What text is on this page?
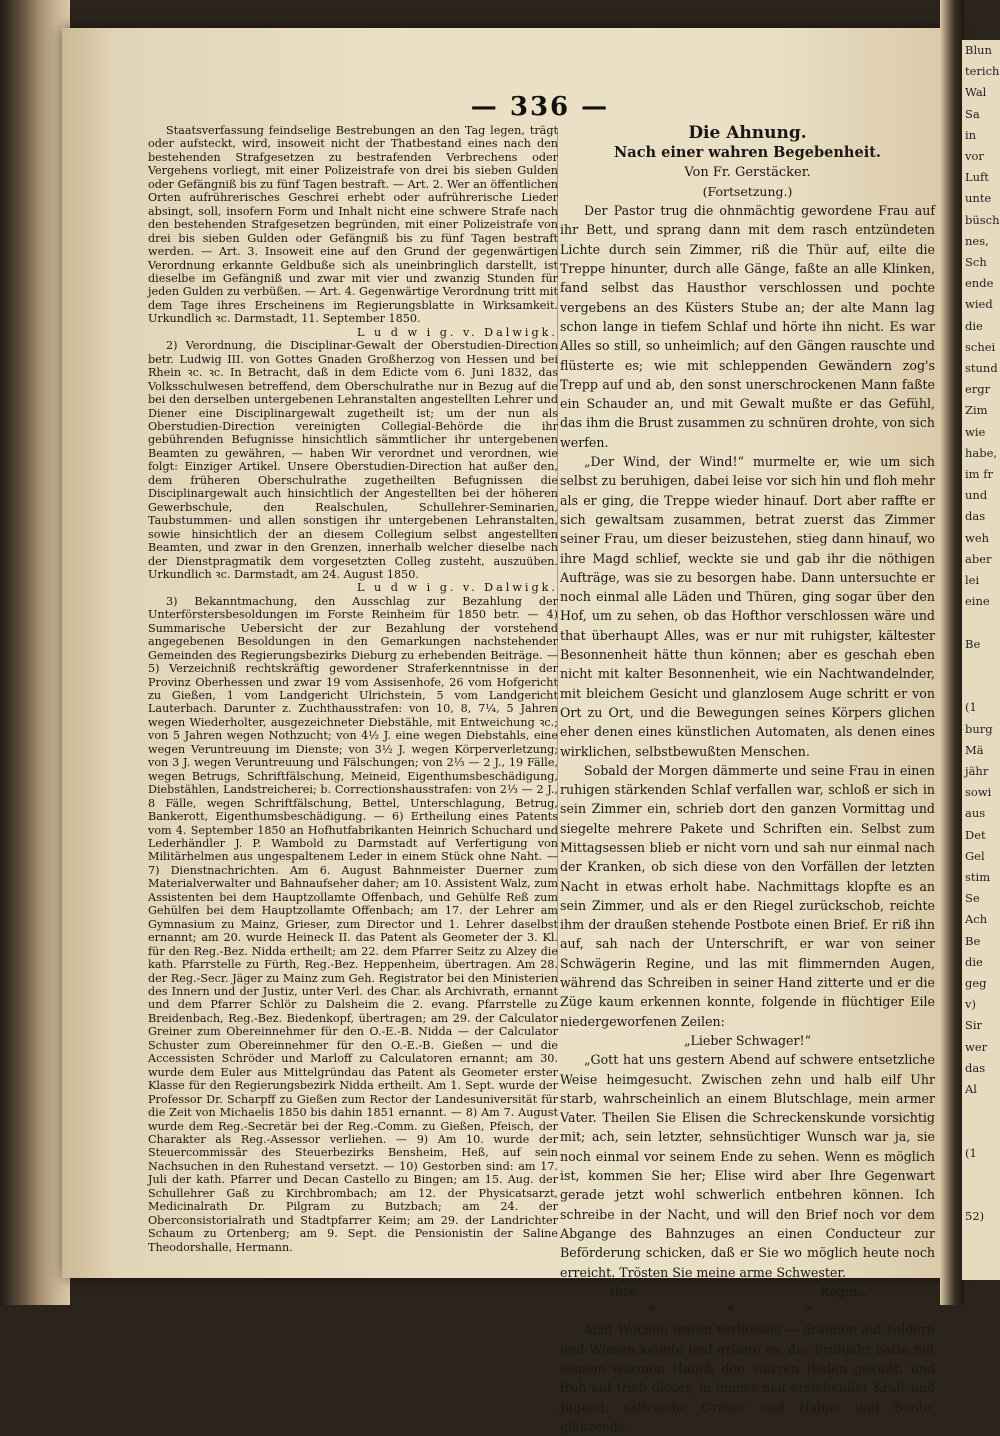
Blun
terich
Wal
Sa
in
vor
Luft
unte
büsch
nes,
Sch
ende
wied
die
schei
stund
ergr
Zim
wie
habe,
im fr
und
das
weh
aber
lei
eine

Be

(1
burg
Mä
jähr
sowi
aus
Det
Gel
stim
Se
Ach
Be
die
geg
v)
Sir
wer
das
Al

(1

52)
— 336 —

Staatsverfassung feindselige Bestrebungen an den Tag legen, trägt oder aufsteckt, wird, insoweit nicht der Thatbestand eines nach den bestehenden Strafgesetzen zu bestrafenden Verbrechens oder Vergehens vorliegt, mit einer Polizeistrafe von drei bis sieben Gulden oder Gefängniß bis zu fünf Tagen bestraft. — Art. 2. Wer an öffentlichen Orten aufrührerisches Geschrei erhebt oder aufrührerische Lieder absingt, soll, insofern Form und Inhalt nicht eine schwere Strafe nach den bestehenden Strafgesetzen begründen, mit einer Polizeistrafe von drei bis sieben Gulden oder Gefängniß bis zu fünf Tagen bestraft werden. — Art. 3. Insoweit eine auf den Grund der gegenwärtigen Verordnung erkannte Geldbuße sich als uneinbringlich darstellt, ist dieselbe im Gefängniß und zwar mit vier und zwanzig Stunden für jeden Gulden zu verbüßen. — Art. 4. Gegenwärtige Verordnung tritt mit dem Tage ihres Erscheinens im Regierungsblatte in Wirksamkeit. Urkundlich ꝛc. Darmstadt, 11. September 1850.

L u d w i g. v. Dalwigk.

2) Verordnung, die Disciplinar-Gewalt der Oberstudien-Direction betr. Ludwig III. von Gottes Gnaden Großherzog von Hessen und bei Rhein ꝛc. ꝛc. In Betracht, daß in dem Edicte vom 6. Juni 1832, das Volksschulwesen betreffend, dem Oberschulrathe nur in Bezug auf die bei den derselben untergebenen Lehranstalten angestellten Lehrer und Diener eine Disciplinargewalt zugetheilt ist; um der nun als Oberstudien-Direction vereinigten Collegial-Behörde die ihr gebührenden Befugnisse hinsichtlich sämmtlicher ihr untergebenen Beamten zu gewähren, — haben Wir verordnet und verordnen, wie folgt: Einziger Artikel. Unsere Oberstudien-Direction hat außer den, dem früheren Oberschulrathe zugetheilten Befugnissen die Disciplinargewalt auch hinsichtlich der Angestellten bei der höheren Gewerbschule, den Realschulen, Schullehrer-Seminarien, Taubstummen- und allen sonstigen ihr untergebenen Lehranstalten, sowie hinsichtlich der an diesem Collegium selbst angestellten Beamten, und zwar in den Grenzen, innerhalb welcher dieselbe nach der Dienstpragmatik dem vorgesetzten Colleg zusteht, auszuüben. Urkundlich ꝛc. Darmstadt, am 24. August 1850.

L u d w i g. v. Dalwigk.

3) Bekanntmachung, den Ausschlag zur Bezahlung der Unterförstersbesoldungen im Forste Reinheim für 1850 betr. — 4) Summarische Uebersicht der zur Bezahlung der vorstehend angegebenen Besoldungen in den Gemarkungen nachstehender Gemeinden des Regierungsbezirks Dieburg zu erhebenden Beiträge. — 5) Verzeichniß rechtskräftig gewordener Straferkenntnisse in der Provinz Oberhessen und zwar 19 vom Assisenhofe, 26 vom Hofgericht zu Gießen, 1 vom Landgericht Ulrichstein, 5 vom Landgericht Lauterbach. Darunter z. Zuchthausstrafen: von 10, 8, 7¼, 5 Jahren wegen Wiederholter, ausgezeichneter Diebstähle, mit Entweichung ꝛc.; von 5 Jahren wegen Nothzucht; von 4½ J. eine wegen Diebstahls, eine wegen Veruntreuung im Dienste; von 3½ J. wegen Körperverletzung; von 3 J. wegen Veruntreuung und Fälschungen; von 2⅓ — 2 J., 19 Fälle, wegen Betrugs, Schriftfälschung, Meineid, Eigenthumsbeschädigung, Diebstählen, Landstreicherei; b. Correctionshausstrafen: von 2⅓ — 2 J., 8 Fälle, wegen Schriftfälschung, Bettel, Unterschlagung, Betrug, Bankerott, Eigenthumsbeschädigung. — 6) Ertheilung eines Patents vom 4. September 1850 an Hofhutfabrikanten Heinrich Schuchard und Lederhändler J. P. Wambold zu Darmstadt auf Verfertigung von Militärhelmen aus ungespaltenem Leder in einem Stück ohne Naht. — 7) Dienstnachrichten. Am 6. August Bahnmeister Duerner zum Materialverwalter und Bahnaufseher daher; am 10. Assistent Walz, zum Assistenten bei dem Hauptzollamte Offenbach, und Gehülfe Reß zum Gehülfen bei dem Hauptzollamte Offenbach; am 17. der Lehrer am Gymnasium zu Mainz, Grieser, zum Director und 1. Lehrer daselbst ernannt; am 20. wurde Heineck II. das Patent als Geometer der 3. Kl. für den Reg.-Bez. Nidda ertheilt; am 22. dem Pfarrer Seitz zu Alzey die kath. Pfarrstelle zu Fürth, Reg.-Bez. Heppenheim, übertragen. Am 28. der Reg.-Secr. Jäger zu Mainz zum Geh. Registrator bei den Ministerien des Innern und der Justiz, unter Verl. des Char. als Archivrath, ernannt und dem Pfarrer Schlör zu Dalsheim die 2. evang. Pfarrstelle zu Breidenbach, Reg.-Bez. Biedenkopf, übertragen; am 29. der Calculator Greiner zum Obereinnehmer für den O.-E.-B. Nidda — der Calculator Schuster zum Obereinnehmer für den O.-E.-B. Gießen — und die Accessisten Schröder und Marloff zu Calculatoren ernannt; am 30. wurde dem Euler aus Mittelgründau das Patent als Geometer erster Klasse für den Regierungsbezirk Nidda ertheilt. Am 1. Sept. wurde der Professor Dr. Scharpff zu Gießen zum Rector der Landesuniversität für die Zeit von Michaelis 1850 bis dahin 1851 ernannt. — 8) Am 7. August wurde dem Reg.-Secretär bei der Reg.-Comm. zu Gießen, Pfeisch, der Charakter als Reg.-Assessor verliehen. — 9) Am 10. wurde der Steuercommissär des Steuerbezirks Bensheim, Heß, auf sein Nachsuchen in den Ruhestand versetzt. — 10) Gestorben sind: am 17. Juli der kath. Pfarrer und Decan Castello zu Bingen; am 15. Aug. der Schullehrer Gaß zu Kirchbrombach; am 12. der Physicatsarzt, Medicinalrath Dr. Pilgram zu Butzbach; am 24. der Oberconsistorialrath und Stadtpfarrer Keim; am 29. der Landrichter Schaum zu Ortenberg; am 9. Sept. die Pensionistin der Saline Theodorshalle, Hermann.

Die Ahnung.

Nach einer wahren Begebenheit.

Von Fr. Gerstäcker.

(Fortsetzung.)

Der Pastor trug die ohnmächtig gewordene Frau auf ihr Bett, und sprang dann mit dem rasch entzündeten Lichte durch sein Zimmer, riß die Thür auf, eilte die Treppe hinunter, durch alle Gänge, faßte an alle Klinken, fand selbst das Hausthor verschlossen und pochte vergebens an des Küsters Stube an; der alte Mann lag schon lange in tiefem Schlaf und hörte ihn nicht. Es war Alles so still, so unheimlich; auf den Gängen rauschte und flüsterte es; wie mit schleppenden Gewändern zog's Trepp auf und ab, den sonst unerschrockenen Mann faßte ein Schauder an, und mit Gewalt mußte er das Gefühl, das ihm die Brust zusammen zu schnüren drohte, von sich werfen.

„Der Wind, der Wind!“ murmelte er, wie um sich selbst zu beruhigen, dabei leise vor sich hin und floh mehr als er ging, die Treppe wieder hinauf. Dort aber raffte er sich gewaltsam zusammen, betrat zuerst das Zimmer seiner Frau, um dieser beizustehen, stieg dann hinauf, wo ihre Magd schlief, weckte sie und gab ihr die nöthigen Aufträge, was sie zu besorgen habe. Dann untersuchte er noch einmal alle Läden und Thüren, ging sogar über den Hof, um zu sehen, ob das Hofthor verschlossen wäre und that überhaupt Alles, was er nur mit ruhigster, kältester Besonnenheit hätte thun können; aber es geschah eben nicht mit kalter Besonnenheit, wie ein Nachtwandelnder, mit bleichem Gesicht und glanzlosem Auge schritt er von Ort zu Ort, und die Bewegungen seines Körpers glichen eher denen eines künstlichen Automaten, als denen eines wirklichen, selbstbewußten Menschen.

Sobald der Morgen dämmerte und seine Frau in einen ruhigen stärkenden Schlaf verfallen war, schloß er sich in sein Zimmer ein, schrieb dort den ganzen Vormittag und siegelte mehrere Pakete und Schriften ein. Selbst zum Mittagsessen blieb er nicht vorn und sah nur einmal nach der Kranken, ob sich diese von den Vorfällen der letzten Nacht in etwas erholt habe. Nachmittags klopfte es an sein Zimmer, und als er den Riegel zurückschob, reichte ihm der draußen stehende Postbote einen Brief. Er riß ihn auf, sah nach der Unterschrift, er war von seiner Schwägerin Regine, und las mit flimmernden Augen, während das Schreiben in seiner Hand zitterte und er die Züge kaum erkennen konnte, folgende in flüchtiger Eile niedergeworfenen Zeilen:

„Lieber Schwager!“

„Gott hat uns gestern Abend auf schwere entsetzliche Weise heimgesucht. Zwischen zehn und halb eilf Uhr starb, wahrscheinlich an einem Blutschlage, mein armer Vater. Theilen Sie Elisen die Schreckenskunde vorsichtig mit; ach, sein letzter, sehnsüchtiger Wunsch war ja, sie noch einmal vor seinem Ende zu sehen. Wenn es möglich ist, kommen Sie her; Elise wird aber Ihre Gegenwart gerade jetzt wohl schwerlich entbehren können. Ich schreibe in der Nacht, und will den Brief noch vor dem Abgange des Bahnzuges an einen Conducteur zur Beförderung schicken, daß er Sie wo möglich heute noch erreicht. Trösten Sie meine arme Schwester.

Ihre	Regine.“

* * *

Acht Wochen waren verflossen — draußen auf Feldern und Wiesen keimte und grünte es, das Frühjahr hatte mit seinem warmen Hauch den starren Boden geküßt, und froh auf trieb dieser, in immer neu erstehender Kraft und Jugend, saftreiche Gräser und Halme und bunte, glänzende
